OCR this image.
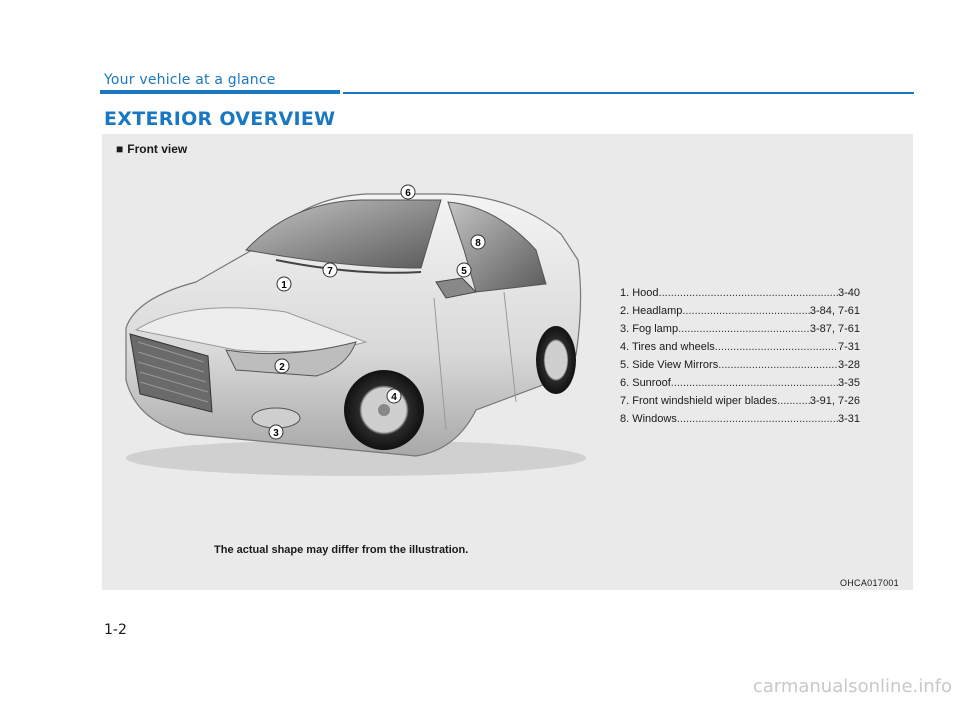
Your vehicle at a glance
EXTERIOR OVERVIEW
■ Front view
1
2
3
4
5
6
7
8
1. Hood .....	3-40
2. Headlamp .....	3-84, 7-61
3. Fog lamp .....	3-87, 7-61
4. Tires and wheels .....	7-31
5. Side View Mirrors .....	3-28
6. Sunroof .....	3-35
7. Front windshield wiper blades .....	3-91, 7-26
8. Windows .....	3-31
The actual shape may differ from the illustration.
OHCA017001
1-2
carmanualsonline.info
